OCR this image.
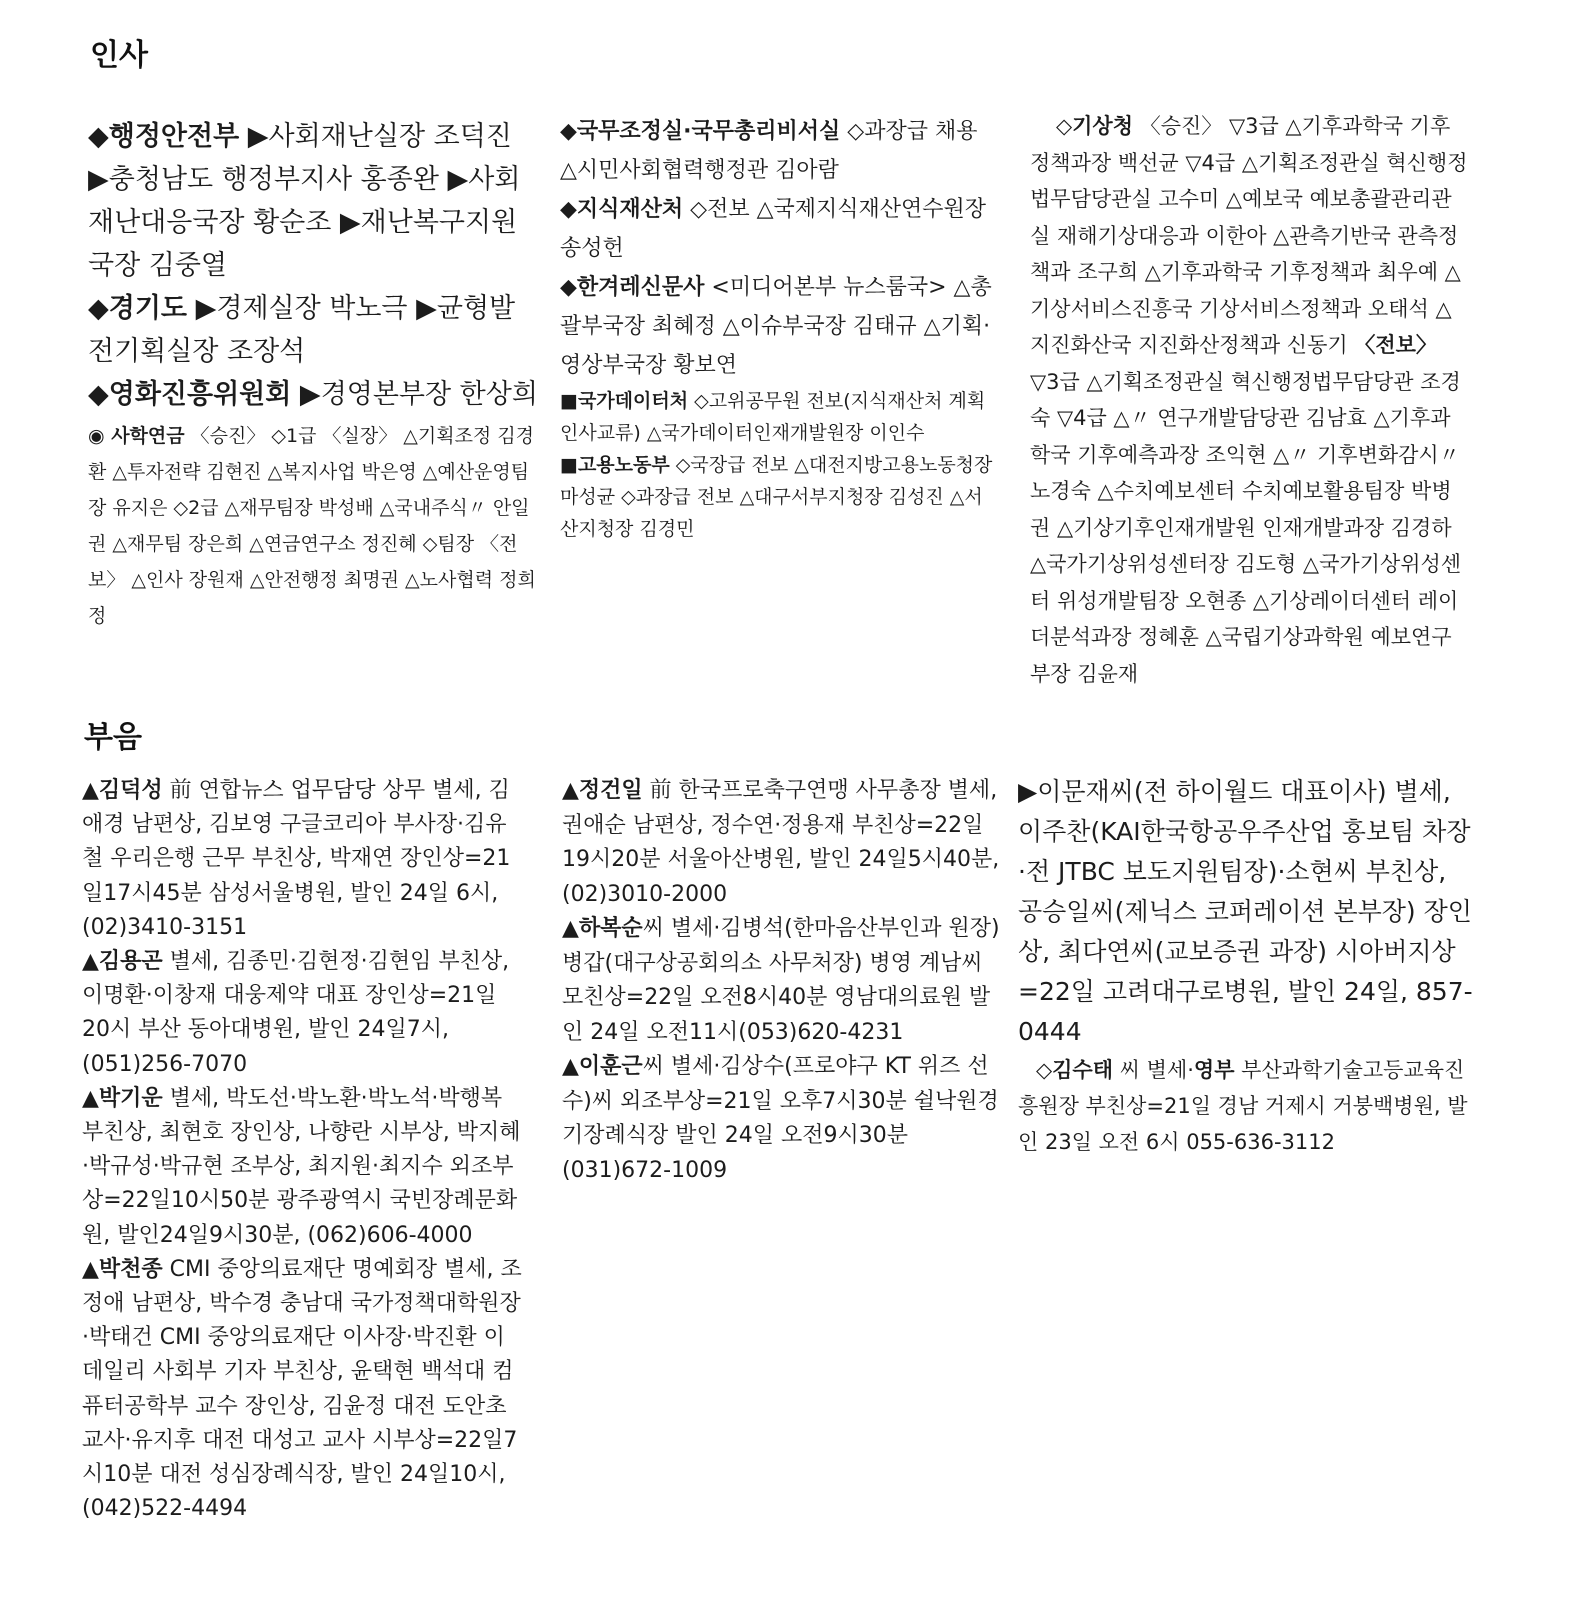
인사

◆행정안전부 ▶사회재난실장 조덕진 ▶충청남도 행정부지사 홍종완 ▶사회재난대응국장 황순조 ▶재난복구지원국장 김중열

◆경기도 ▶경제실장 박노극 ▶균형발전기획실장 조장석

◆영화진흥위원회 ▶경영본부장 한상희

◉ 사학연금 〈승진〉 ◇1급 〈실장〉 △기획조정 김경환 △투자전략 김현진 △복지사업 박은영 △예산운영팀장 유지은 ◇2급 △재무팀장 박성배 △국내주식〃 안일권 △재무팀 장은희 △연금연구소 정진혜 ◇팀장 〈전보〉 △인사 장원재 △안전행정 최명권 △노사협력 정희정

◆국무조정실·국무총리비서실 ◇과장급 채용 △시민사회협력행정관 김아람

◆지식재산처 ◇전보 △국제지식재산연수원장 송성헌

◆한겨레신문사 <미디어본부 뉴스룸국> △총괄부국장 최혜정 △이슈부국장 김태규 △기획·영상부국장 황보연

■국가데이터처 ◇고위공무원 전보(지식재산처 계획인사교류) △국가데이터인재개발원장 이인수

■고용노동부 ◇국장급 전보 △대전지방고용노동청장 마성균 ◇과장급 전보 △대구서부지청장 김성진 △서산지청장 김경민

◇기상청 〈승진〉 ▽3급 △기후과학국 기후정책과장 백선균 ▽4급 △기획조정관실 혁신행정법무담당관실 고수미 △예보국 예보총괄관리관실 재해기상대응과 이한아 △관측기반국 관측정책과 조구희 △기후과학국 기후정책과 최우예 △기상서비스진흥국 기상서비스정책과 오태석 △ 지진화산국 지진화산정책과 신동기 〈전보〉 ▽3급 △기획조정관실 혁신행정법무담당관 조경숙 ▽4급 △〃 연구개발담당관 김남효 △기후과학국 기후예측과장 조익현 △〃 기후변화감시〃 노경숙 △수치예보센터 수치예보활용팀장 박병권 △기상기후인재개발원 인재개발과장 김경하 △국가기상위성센터장 김도형 △국가기상위성센터 위성개발팀장 오현종 △기상레이더센터 레이더분석과장 정혜훈 △국립기상과학원 예보연구부장 김윤재

부음

▲김덕성 前 연합뉴스 업무담당 상무 별세, 김애경 남편상, 김보영 구글코리아 부사장·김유철 우리은행 근무 부친상, 박재연 장인상=21일17시45분 삼성서울병원, 발인 24일 6시, (02)3410-3151

▲김용곤 별세, 김종민·김현정·김현임 부친상, 이명환·이창재 대웅제약 대표 장인상=21일20시 부산 동아대병원, 발인 24일7시, (051)256-7070

▲박기운 별세, 박도선·박노환·박노석·박행복 부친상, 최현호 장인상, 나향란 시부상, 박지혜·박규성·박규현 조부상, 최지원·최지수 외조부상=22일10시50분 광주광역시 국빈장례문화원, 발인24일9시30분, (062)606-4000

▲박천종 CMI 중앙의료재단 명예회장 별세, 조정애 남편상, 박수경 충남대 국가정책대학원장·박태건 CMI 중앙의료재단 이사장·박진환 이데일리 사회부 기자 부친상, 윤택현 백석대 컴퓨터공학부 교수 장인상, 김윤정 대전 도안초 교사·유지후 대전 대성고 교사 시부상=22일7시10분 대전 성심장례식장, 발인 24일10시, (042)522-4494

▲정건일 前 한국프로축구연맹 사무총장 별세, 권애순 남편상, 정수연·정용재 부친상=22일19시20분 서울아산병원, 발인 24일5시40분, (02)3010-2000

▲하복순씨 별세·김병석(한마음산부인과 원장) 병갑(대구상공회의소 사무처장) 병영 계남씨 모친상=22일 오전8시40분 영남대의료원 발인 24일 오전11시(053)620-4231

▲이훈근씨 별세·김상수(프로야구 KT 위즈 선수)씨 외조부상=21일 오후7시30분 쉴낙원경기장례식장 발인 24일 오전9시30분 (031)672-1009

▶이문재씨(전 하이월드 대표이사) 별세, 이주찬(KAI한국항공우주산업 홍보팀 차장·전 JTBC 보도지원팀장)·소현씨 부친상, 공승일씨(제닉스 코퍼레이션 본부장) 장인상, 최다연씨(교보증권 과장) 시아버지상=22일 고려대구로병원, 발인 24일, 857-0444

◇김수태 씨 별세·영부 부산과학기술고등교육진흥원장 부친상=21일 경남 거제시 거붕백병원, 발인 23일 오전 6시 055-636-3112
